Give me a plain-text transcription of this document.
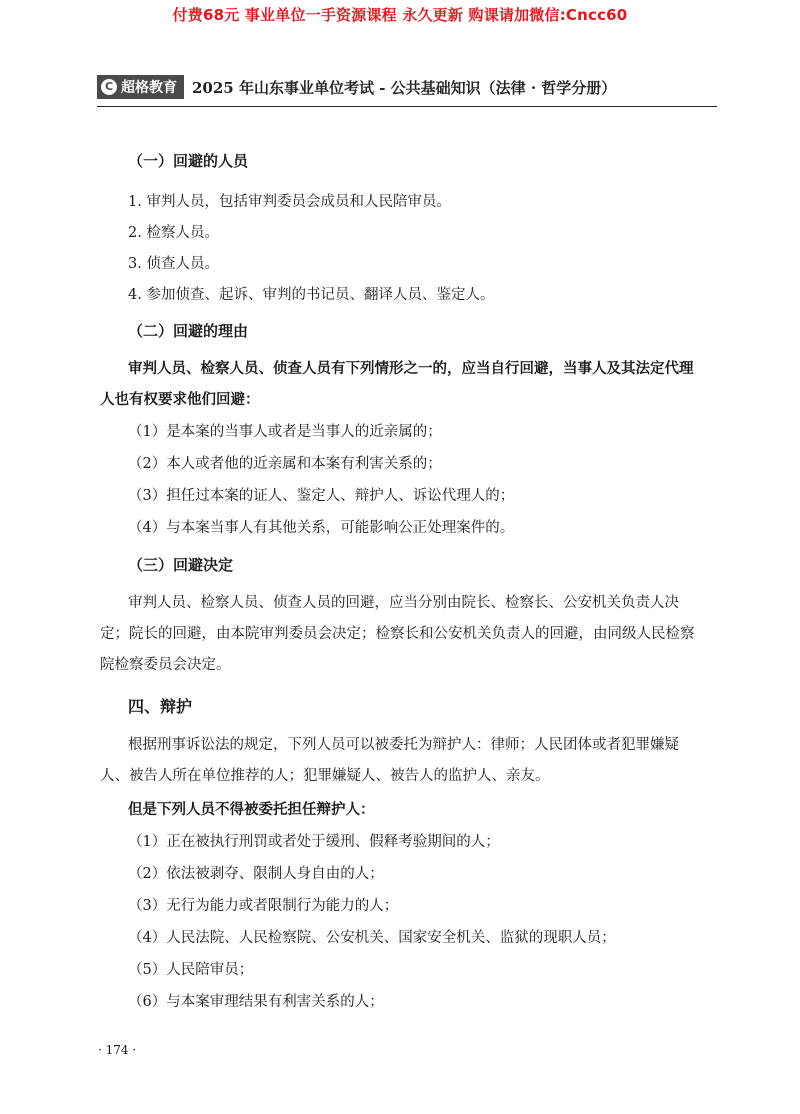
付费68元 事业单位一手资源课程 永久更新 购课请加微信:Cncc60
C 超格教育 2025 年山东事业单位考试 - 公共基础知识（法律 · 哲学分册）
（一）回避的人员
1. 审判人员，包括审判委员会成员和人民陪审员。
2. 检察人员。
3. 侦查人员。
4. 参加侦查、起诉、审判的书记员、翻译人员、鉴定人。
（二）回避的理由
审判人员、检察人员、侦查人员有下列情形之一的，应当自行回避，当事人及其法定代理人也有权要求他们回避：
（1）是本案的当事人或者是当事人的近亲属的；
（2）本人或者他的近亲属和本案有利害关系的；
（3）担任过本案的证人、鉴定人、辩护人、诉讼代理人的；
（4）与本案当事人有其他关系，可能影响公正处理案件的。
（三）回避决定
审判人员、检察人员、侦查人员的回避，应当分别由院长、检察长、公安机关负责人决定；院长的回避，由本院审判委员会决定；检察长和公安机关负责人的回避，由同级人民检察院检察委员会决定。
四、辩护
根据刑事诉讼法的规定，下列人员可以被委托为辩护人：律师；人民团体或者犯罪嫌疑人、被告人所在单位推荐的人；犯罪嫌疑人、被告人的监护人、亲友。
但是下列人员不得被委托担任辩护人：
（1）正在被执行刑罚或者处于缓刑、假释考验期间的人；
（2）依法被剥夺、限制人身自由的人；
（3）无行为能力或者限制行为能力的人；
（4）人民法院、人民检察院、公安机关、国家安全机关、监狱的现职人员；
（5）人民陪审员；
（6）与本案审理结果有利害关系的人；
· 174 ·
